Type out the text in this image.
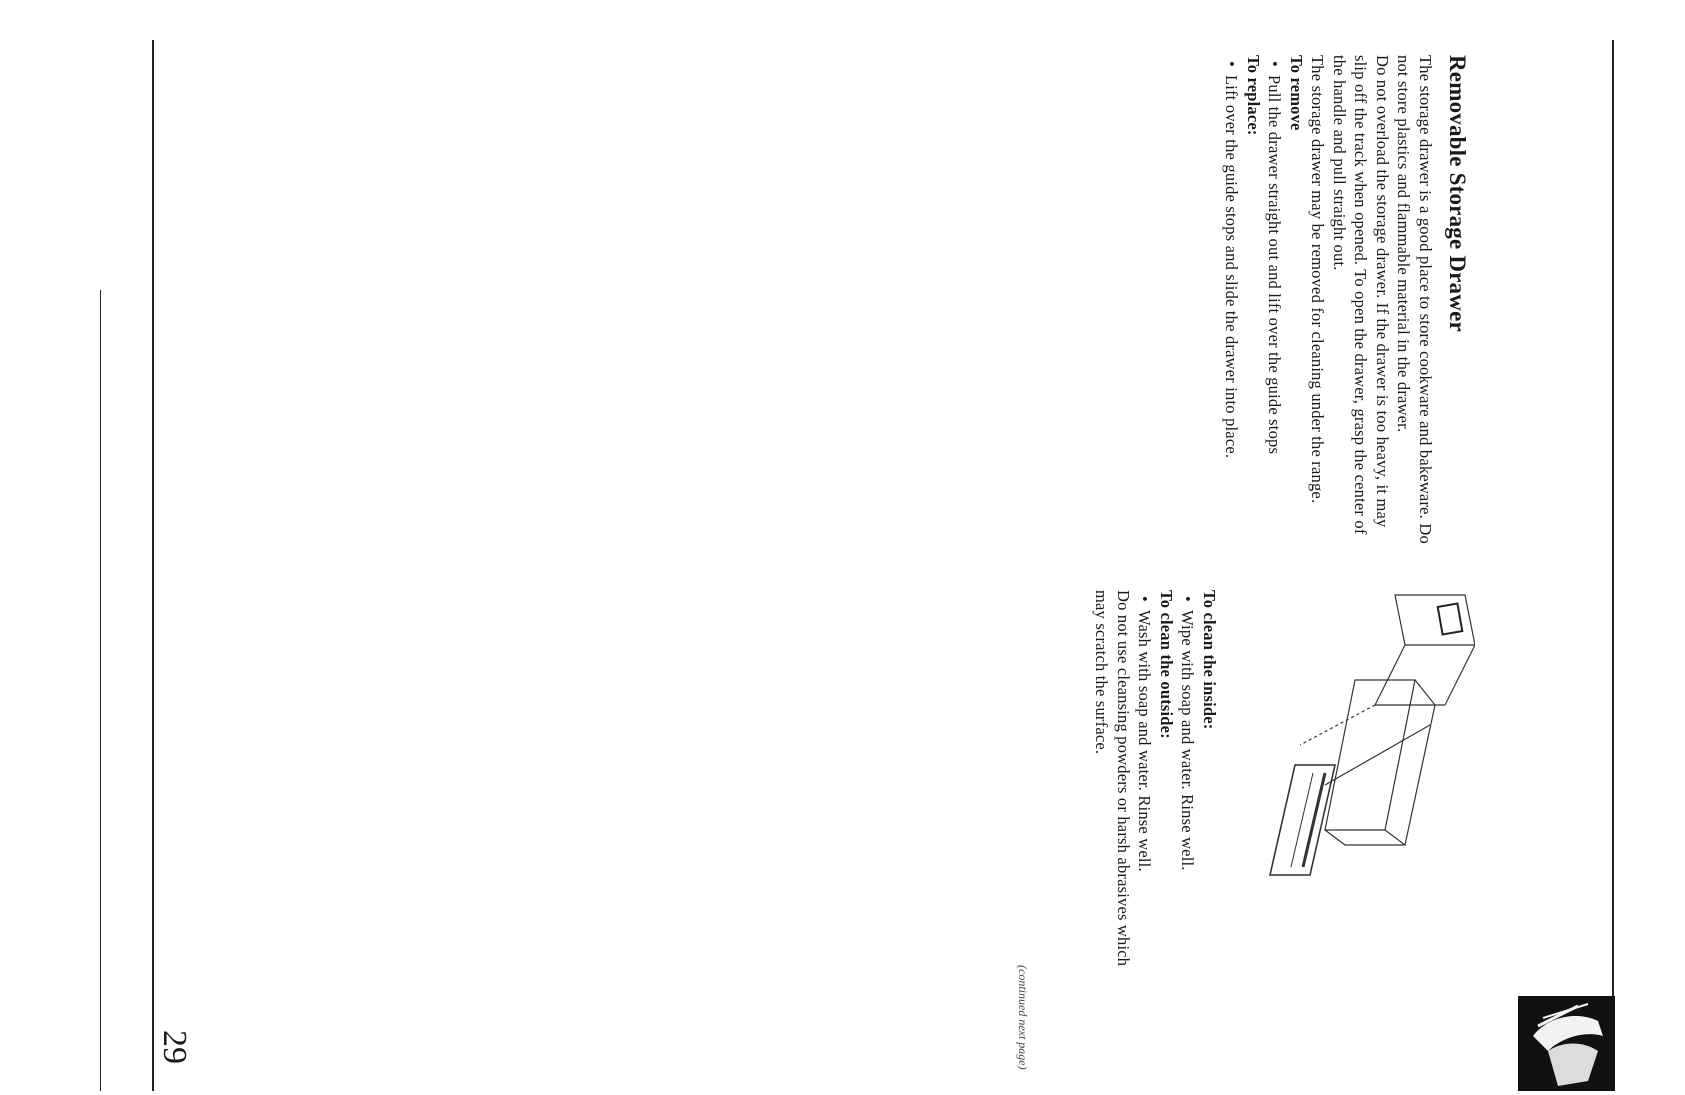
Removable Storage Drawer

The storage drawer is a good place to store cookware and bakeware. Do not store plastics and flammable material in the drawer.

Do not overload the storage drawer. If the drawer is too heavy, it may slip off the track when opened. To open the drawer, grasp the center of the handle and pull straight out.

The storage drawer may be removed for cleaning under the range.

To remove

•Pull the drawer straight out and lift over the guide stops

To replace:

•Lift over the guide stops and slide the drawer into place.

To clean the inside:

•Wipe with soap and water. Rinse well.

To clean the outside:

•Wash with soap and water. Rinse well.

Do not use cleansing powders or harsh abrasives which may scratch the surface.

(continued next page)
29
